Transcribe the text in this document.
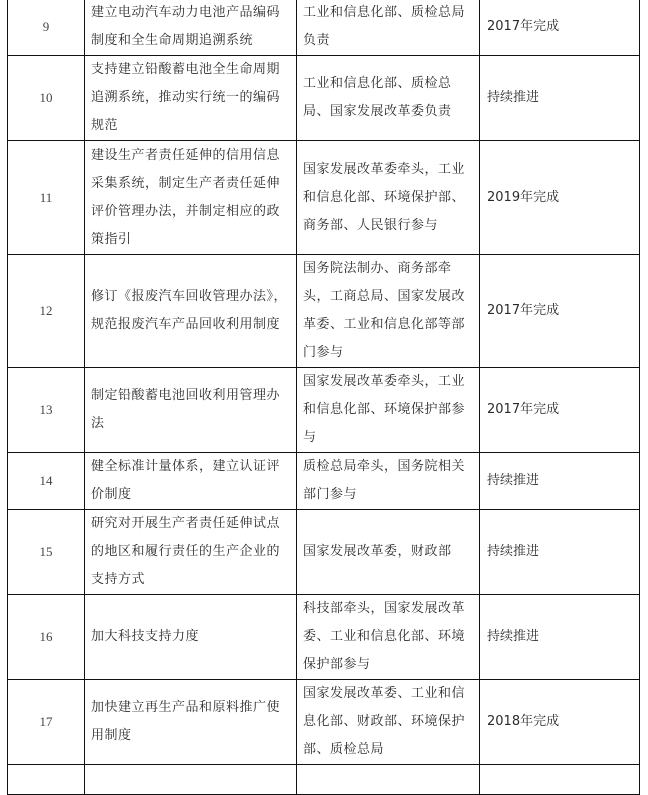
9	建立电动汽车动力电池产品编码制度和全生命周期追溯系统	工业和信息化部、质检总局负责	2017年完成
10	支持建立铅酸蓄电池全生命周期追溯系统，推动实行统一的编码规范	工业和信息化部、质检总局、国家发展改革委负责	持续推进
11	建设生产者责任延伸的信用信息采集系统，制定生产者责任延伸评价管理办法，并制定相应的政策指引	国家发展改革委牵头，工业和信息化部、环境保护部、商务部、人民银行参与	2019年完成
12	修订《报废汽车回收管理办法》，规范报废汽车产品回收利用制度	国务院法制办、商务部牵头，工商总局、国家发展改革委、工业和信息化部等部门参与	2017年完成
13	制定铅酸蓄电池回收利用管理办法	国家发展改革委牵头，工业和信息化部、环境保护部参与	2017年完成
14	健全标准计量体系，建立认证评价制度	质检总局牵头，国务院相关部门参与	持续推进
15	研究对开展生产者责任延伸试点的地区和履行责任的生产企业的支持方式	国家发展改革委，财政部	持续推进
16	加大科技支持力度	科技部牵头，国家发展改革委、工业和信息化部、环境保护部参与	持续推进
17	加快建立再生产品和原料推广使用制度	国家发展改革委、工业和信息化部、财政部、环境保护部、质检总局	2018年完成
